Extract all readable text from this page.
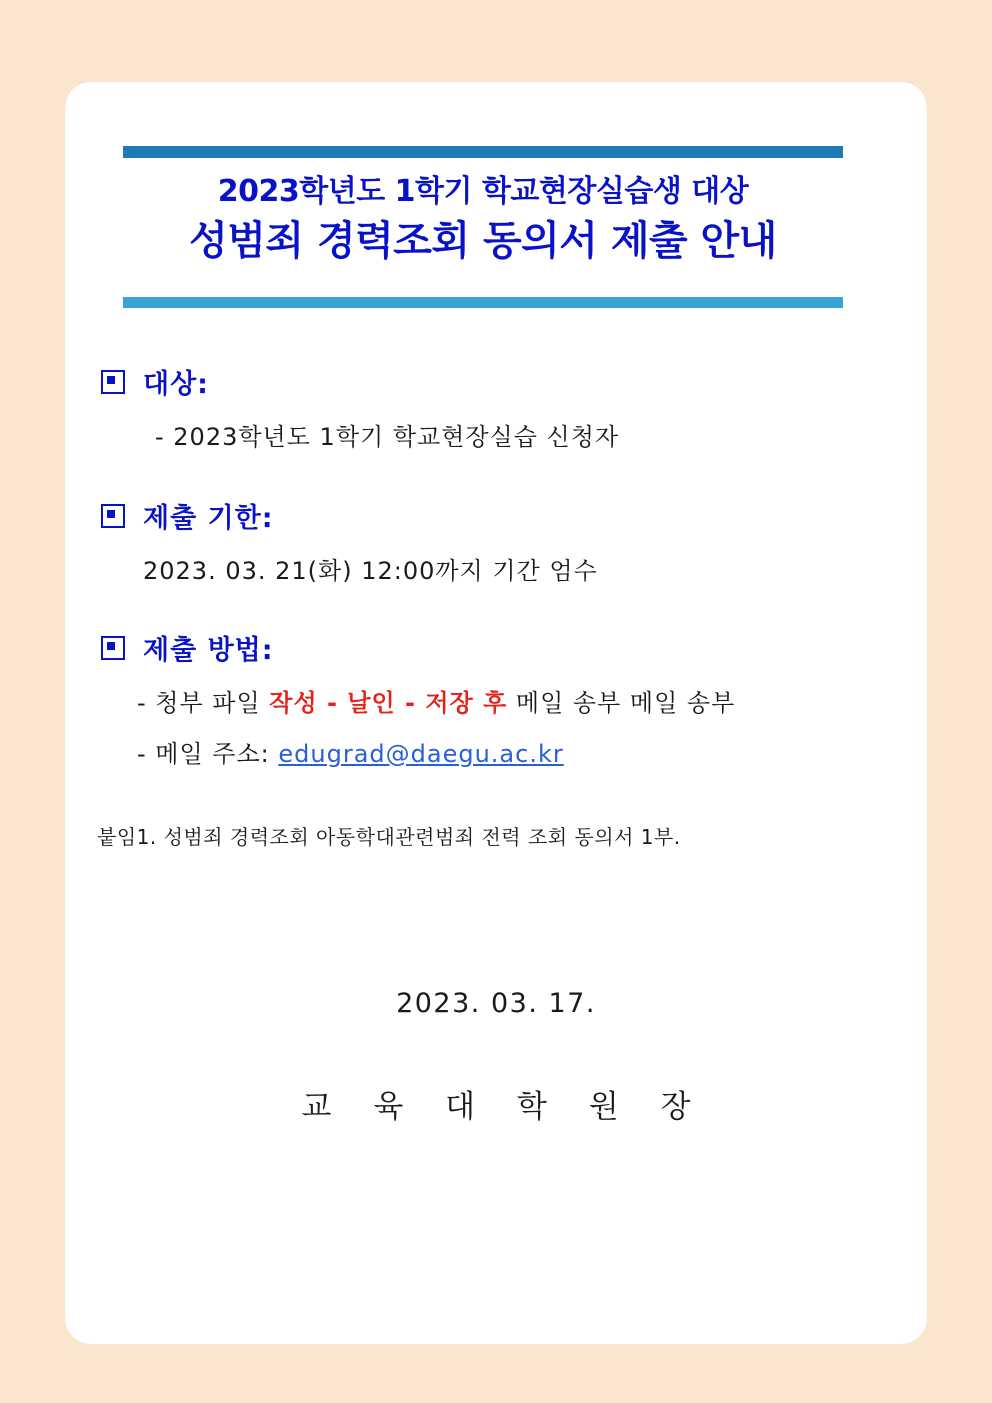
2023학년도 1학기 학교현장실습생 대상
성범죄 경력조회 동의서 제출 안내
대상:
- 2023학년도 1학기 학교현장실습 신청자
제출 기한:
2023. 03. 21(화) 12:00까지 기간 엄수
제출 방법:
- 청부 파일 작성 - 날인 - 저장 후 메일 송부 메일 송부
- 메일 주소: edugrad@daegu.ac.kr
붙임1. 성범죄 경력조회 아동학대관련범죄 전력 조회 동의서 1부.
2023. 03. 17.
교 육 대 학 원 장
